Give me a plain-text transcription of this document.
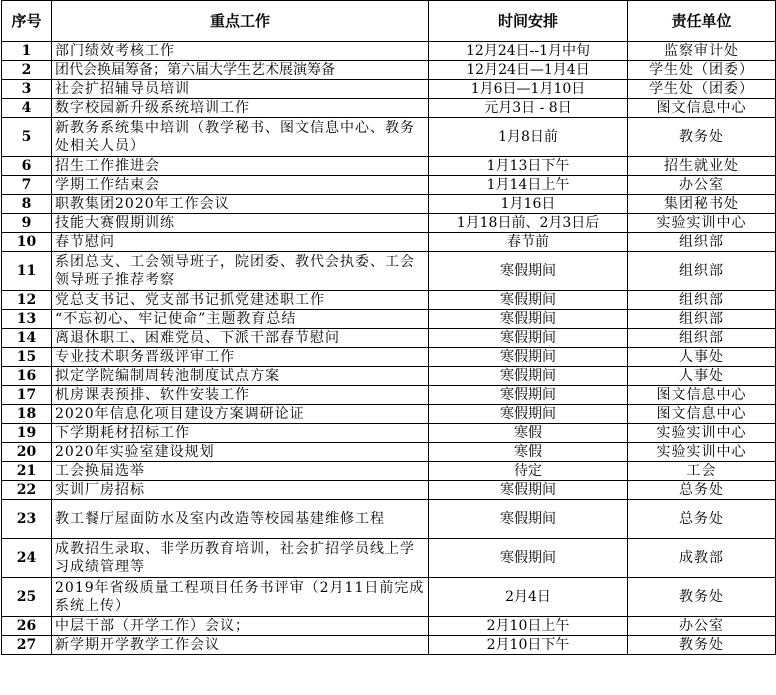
序号	重点工作	时间安排	责任单位
1	部门绩效考核工作	12月24日--1月中旬	监察审计处
2	团代会换届筹备；第六届大学生艺术展演筹备	12月24日—1月4日	学生处（团委）
3	社会扩招辅导员培训	1月6日—1月10日	学生处（团委）
4	数字校园新升级系统培训工作	元月3日 - 8日	图文信息中心
5	新教务系统集中培训（教学秘书、图文信息中心、教务处相关人员）	1月8日前	教务处
6	招生工作推进会	1月13日下午	招生就业处
7	学期工作结束会	1月14日上午	办公室
8	职教集团2020年工作会议	1月16日	集团秘书处
9	技能大赛假期训练	1月18日前、2月3日后	实验实训中心
10	春节慰问	春节前	组织部
11	系团总支、工会领导班子，院团委、教代会执委、工会领导班子推荐考察	寒假期间	组织部
12	党总支书记、党支部书记抓党建述职工作	寒假期间	组织部
13	“不忘初心、牢记使命”主题教育总结	寒假期间	组织部
14	离退休职工、困难党员、下派干部春节慰问	寒假期间	组织部
15	专业技术职务晋级评审工作	寒假期间	人事处
16	拟定学院编制周转池制度试点方案	寒假期间	人事处
17	机房课表预排、软件安装工作	寒假期间	图文信息中心
18	2020年信息化项目建设方案调研论证	寒假期间	图文信息中心
19	下学期耗材招标工作	寒假	实验实训中心
20	2020年实验室建设规划	寒假	实验实训中心
21	工会换届选举	待定	工会
22	实训厂房招标	寒假期间	总务处
23	教工餐厅屋面防水及室内改造等校园基建维修工程	寒假期间	总务处
24	成教招生录取、非学历教育培训，社会扩招学员线上学习成绩管理等	寒假期间	成教部
25	2019年省级质量工程项目任务书评审（2月11日前完成系统上传）	2月4日	教务处
26	中层干部（开学工作）会议；	2月10日上午	办公室
27	新学期开学教学工作会议	2月10日下午	教务处
